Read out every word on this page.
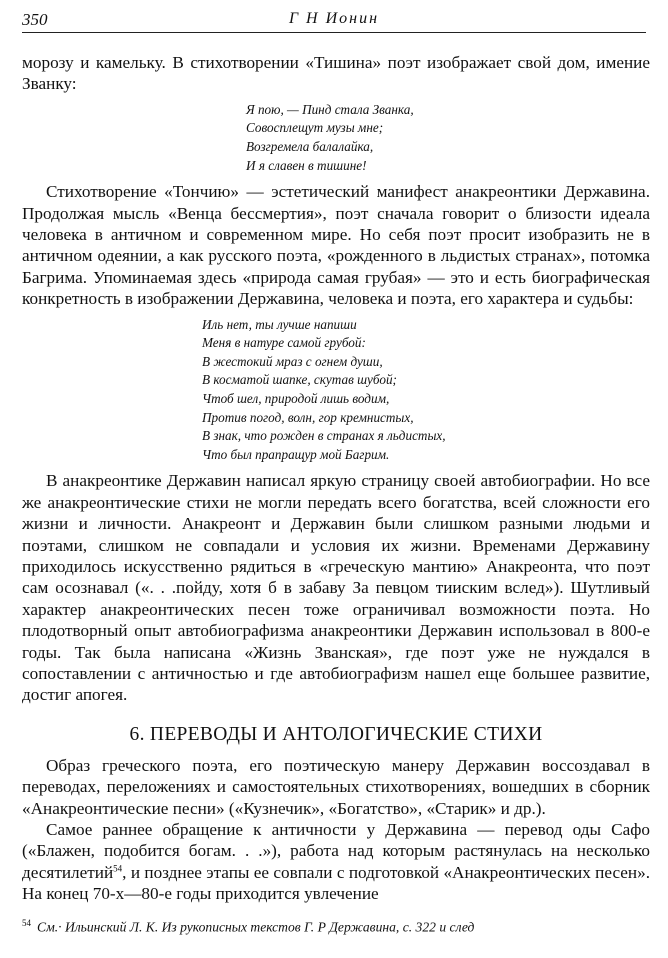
350	Г Н Ионин

морозу и камельку. В стихотворении «Тишина» поэт изображает свой дом, имение Званку:

Я пою, — Пинд стала Званка,
Совосплещут музы мне;
Возгремела балалайка,
И я славен в тишине!

Стихотворение «Тончию» — эстетический манифест анакреонтики Державина. Продолжая мысль «Венца бессмертия», поэт сначала говорит о близости идеала человека в античном и современном мире. Но себя поэт просит изобразить не в античном одеянии, а как русского поэта, «рожденного в льдистых странах», потомка Багрима. Упоминаемая здесь «природа самая грубая» — это и есть биографическая конкретность в изображении Державина, человека и поэта, его характера и судьбы:

Иль нет, ты лучше напиши
Меня в натуре самой грубой:
В жестокий мраз с огнем души,
В косматой шапке, скутав шубой;
Чтоб шел, природой лишь водим,
Против погод, волн, гор кремнистых,
В знак, что рожден в странах я льдистых,
Что был прапращур мой Багрим.

В анакреонтике Державин написал яркую страницу своей автобиографии. Но все же анакреонтические стихи не могли передать всего богатства, всей сложности его жизни и личности. Анакреонт и Державин были слишком разными людьми и поэтами, слишком не совпадали и условия их жизни. Временами Державину приходилось искусственно рядиться в «греческую мантию» Анакреонта, что поэт сам осознавал («. . .пойду, хотя б в забаву За певцом тииским вслед»). Шутливый характер анакреонтических песен тоже ограничивал возможности поэта. Но плодотворный опыт автобиографизма анакреонтики Державин использовал в 800-е годы. Так была написана «Жизнь Званская», где поэт уже не нуждался в сопоставлении с античностью и где автобиографизм нашел еще большее развитие, достиг апогея.

6. ПЕРЕВОДЫ И АНТОЛОГИЧЕСКИЕ СТИХИ

Образ греческого поэта, его поэтическую манеру Державин воссоздавал в переводах, переложениях и самостоятельных стихотворениях, вошедших в сборник «Анакреонтические песни» («Кузнечик», «Богатство», «Старик» и др.).

Самое раннее обращение к античности у Державина — перевод оды Сафо («Блажен, подобится богам. . .»), работа над которым растянулась на несколько десятилетий$^{54}$, и позднее этапы ее совпали с подготовкой «Анакреонтических песен». На конец 70-х—80-е годы приходится увлечение

$^{54}$ См.· Ильинский Л. К. Из рукописных текстов Г. Р Державина, с. 322 и след
